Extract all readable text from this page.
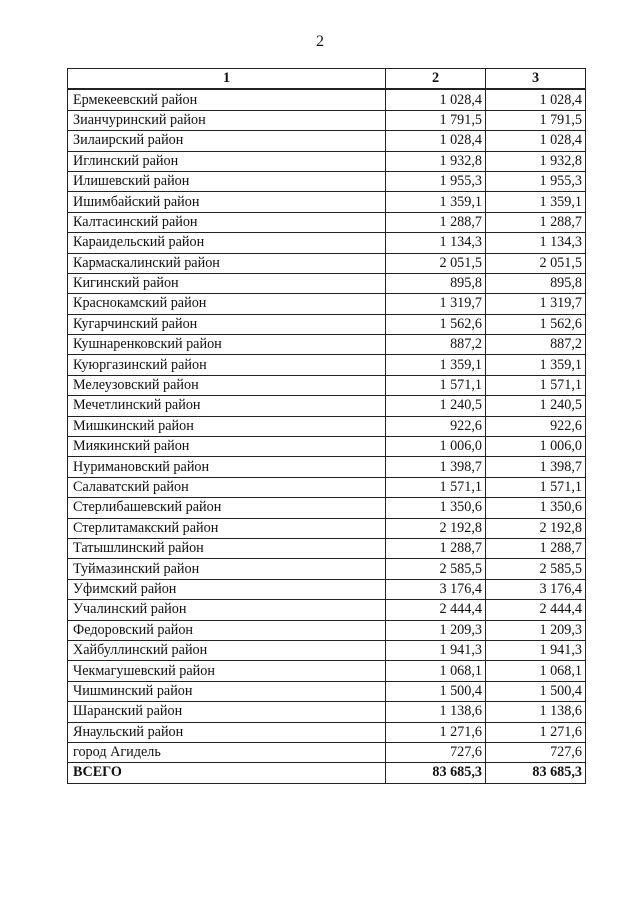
2
1	2	3
Ермекеевский район	1 028,4	1 028,4
Зианчуринский район	1 791,5	1 791,5
Зилаирский район	1 028,4	1 028,4
Иглинский район	1 932,8	1 932,8
Илишевский район	1 955,3	1 955,3
Ишимбайский район	1 359,1	1 359,1
Калтасинский район	1 288,7	1 288,7
Караидельский район	1 134,3	1 134,3
Кармаскалинский район	2 051,5	2 051,5
Кигинский район	895,8	895,8
Краснокамский район	1 319,7	1 319,7
Кугарчинский район	1 562,6	1 562,6
Кушнаренковский район	887,2	887,2
Куюргазинский район	1 359,1	1 359,1
Мелеузовский район	1 571,1	1 571,1
Мечетлинский район	1 240,5	1 240,5
Мишкинский район	922,6	922,6
Миякинский район	1 006,0	1 006,0
Нуримановский район	1 398,7	1 398,7
Салаватский район	1 571,1	1 571,1
Стерлибашевский район	1 350,6	1 350,6
Стерлитамакский район	2 192,8	2 192,8
Татышлинский район	1 288,7	1 288,7
Туймазинский район	2 585,5	2 585,5
Уфимский район	3 176,4	3 176,4
Учалинский район	2 444,4	2 444,4
Федоровский район	1 209,3	1 209,3
Хайбуллинский район	1 941,3	1 941,3
Чекмагушевский район	1 068,1	1 068,1
Чишминский район	1 500,4	1 500,4
Шаранский район	1 138,6	1 138,6
Янаульский район	1 271,6	1 271,6
город Агидель	727,6	727,6
ВСЕГО	83 685,3	83 685,3
